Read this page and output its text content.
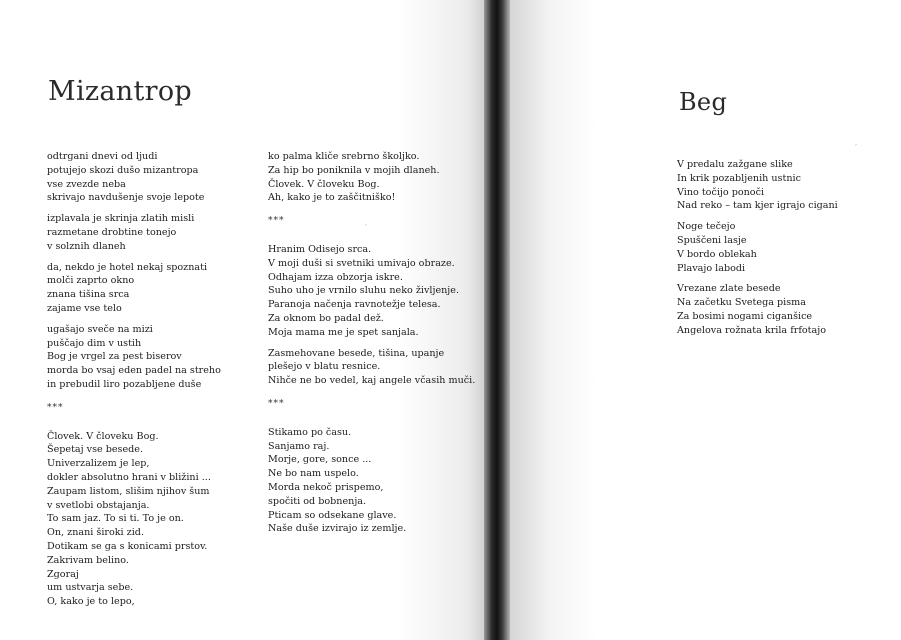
Mizantrop	Beg
odtrgani dnevi od ljudi
potujejo skozi dušo mizantropa
vse zvezde neba
skrivajo navdušenje svoje lepote
izplavala je skrinja zlatih misli
razmetane drobtine tonejo
v solznih dlaneh
da, nekdo je hotel nekaj spoznati
molči zaprto okno
znana tišina srca
zajame vse telo
ugašajo sveče na mizi
puščajo dim v ustih
Bog je vrgel za pest biserov
morda bo vsaj eden padel na streho
in prebudil liro pozabljene duše
***
Človek. V človeku Bog.
Šepetaj vse besede.
Univerzalizem je lep,
dokler absolutno hrani v bližini ...
Zaupam listom, slišim njihov šum
v svetlobi obstajanja.
To sam jaz. To si ti. To je on.
On, znani široki zid.
Dotikam se ga s konicami prstov.
Zakrivam belino.
Zgoraj
um ustvarja sebe.
O, kako je to lepo,
ko palma kliče srebrno školjko.
Za hip bo poniknila v mojih dlaneh.
Človek. V človeku Bog.
Ah, kako je to zaščitniško!
***
Hranim Odisejo srca.
V moji duši si svetniki umivajo obraze.
Odhajam izza obzorja iskre.
Suho uho je vrnilo sluhu neko življenje.
Paranoja načenja ravnotežje telesa.
Za oknom bo padal dež.
Moja mama me je spet sanjala.
Zasmehovane besede, tišina, upanje
plešejo v blatu resnice.
Nihče ne bo vedel, kaj angele včasih muči.
***
Stikamo po času.
Sanjamo raj.
Morje, gore, sonce ...
Ne bo nam uspelo.
Morda nekoč prispemo,
spočiti od bobnenja.
Pticam so odsekane glave.
Naše duše izvirajo iz zemlje.
V predalu zažgane slike
In krik pozabljenih ustnic
Vino točijo ponoči
Nad reko – tam kjer igrajo cigani
Noge tečejo
Spuščeni lasje
V bordo oblekah
Plavajo labodi
Vrezane zlate besede
Na začetku Svetega pisma
Za bosimi nogami ciganšice
Angelova rožnata krila frfotajo
′
′
